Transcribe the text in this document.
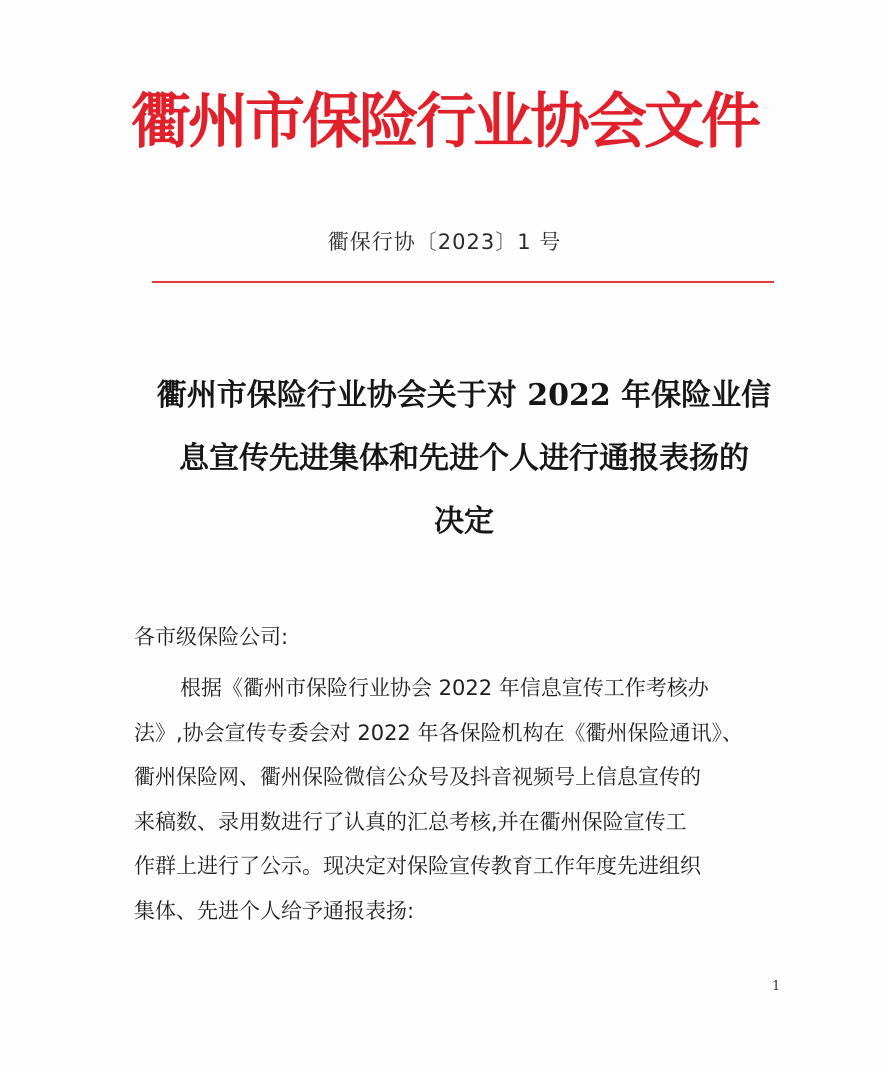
衢州市保险行业协会文件
衢保行协〔2023〕1 号
衢州市保险行业协会关于对 2022 年保险业信
息宣传先进集体和先进个人进行通报表扬的
决定
各市级保险公司:
根据《衢州市保险行业协会 2022 年信息宣传工作考核办
法》,协会宣传专委会对 2022 年各保险机构在《衢州保险通讯》、
衢州保险网、衢州保险微信公众号及抖音视频号上信息宣传的
来稿数、录用数进行了认真的汇总考核,并在衢州保险宣传工
作群上进行了公示。现决定对保险宣传教育工作年度先进组织
集体、先进个人给予通报表扬:
1
